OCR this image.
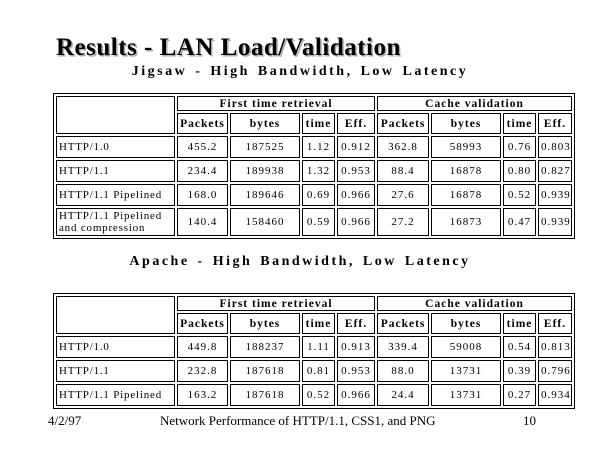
Results - LAN Load/Validation
Jigsaw - High Bandwidth, Low Latency
	First time retrieval				Cache validation			
	Packets	bytes	time	Eff.	Packets	bytes	time	Eff.
HTTP/1.0	455.2	187525	1.12	0.912	362.8	58993	0.76	0.803
HTTP/1.1	234.4	189938	1.32	0.953	88.4	16878	0.80	0.827
HTTP/1.1 Pipelined	168.0	189646	0.69	0.966	27.6	16878	0.52	0.939
HTTP/1.1 Pipelined and compression	140.4	158460	0.59	0.966	27.2	16873	0.47	0.939
Apache - High Bandwidth, Low Latency
	First time retrieval				Cache validation			
	Packets	bytes	time	Eff.	Packets	bytes	time	Eff.
HTTP/1.0	449.8	188237	1.11	0.913	339.4	59008	0.54	0.813
HTTP/1.1	232.8	187618	0.81	0.953	88.0	13731	0.39	0.796
HTTP/1.1 Pipelined	163.2	187618	0.52	0.966	24.4	13731	0.27	0.934
4/2/97	Network Performance of HTTP/1.1, CSS1, and PNG	10
